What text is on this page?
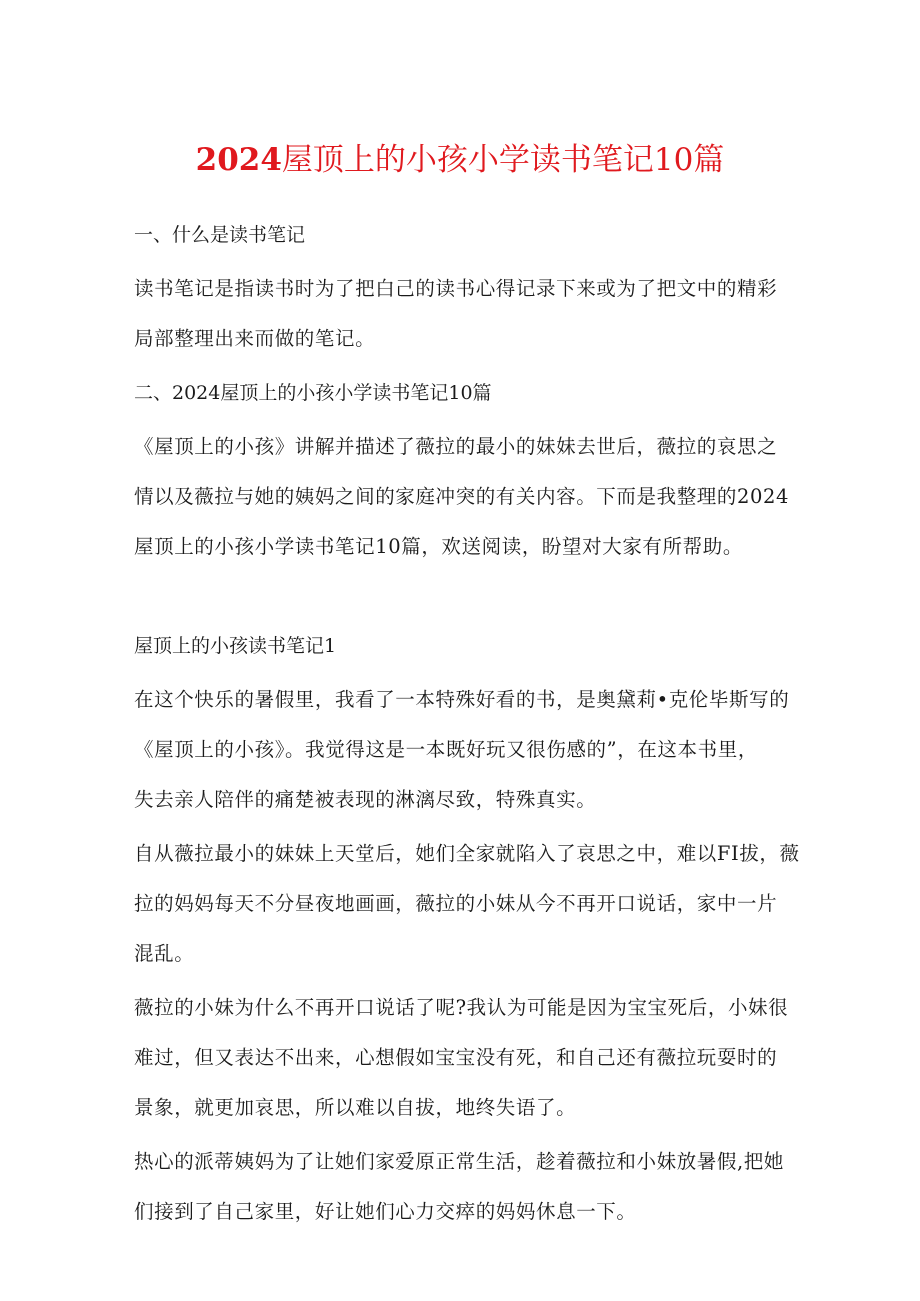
2024屋顶上的小孩小学读书笔记10篇
一、什么是读书笔记
读书笔记是指读书时为了把白己的读书心得记录下来或为了把文中的精彩
局部整理出来而做的笔记。
二、2024屋顶上的小孩小学读书笔记10篇
《屋顶上的小孩》讲解并描述了薇拉的最小的妹妹去世后，薇拉的哀思之
情以及薇拉与她的姨妈之间的家庭冲突的有关内容。下而是我整理的2024
屋顶上的小孩小学读书笔记10篇，欢送阅读，盼望对大家有所帮助。
屋顶上的小孩读书笔记1
在这个快乐的暑假里，我看了一本特殊好看的书，是奥黛莉•克伦毕斯写的
《屋顶上的小孩》。我觉得这是一本既好玩又很伤感的”，在这本书里，
失去亲人陪伴的痛楚被表现的淋漓尽致，特殊真实。
自从薇拉最小的妹妹上天堂后，她们全家就陷入了哀思之中，难以FI拔，薇
拉的妈妈每天不分昼夜地画画，薇拉的小妹从今不再开口说话，家中一片
混乱。
薇拉的小妹为什么不再开口说话了呢?我认为可能是因为宝宝死后，小妹很
难过，但又表达不出来，心想假如宝宝没有死，和自己还有薇拉玩耍时的
景象，就更加哀思，所以难以自拔，地终失语了。
热心的派蒂姨妈为了让她们家爱原正常生活，趁着薇拉和小妹放暑假,把她
们接到了自己家里，好让她们心力交瘁的妈妈休息一下。
